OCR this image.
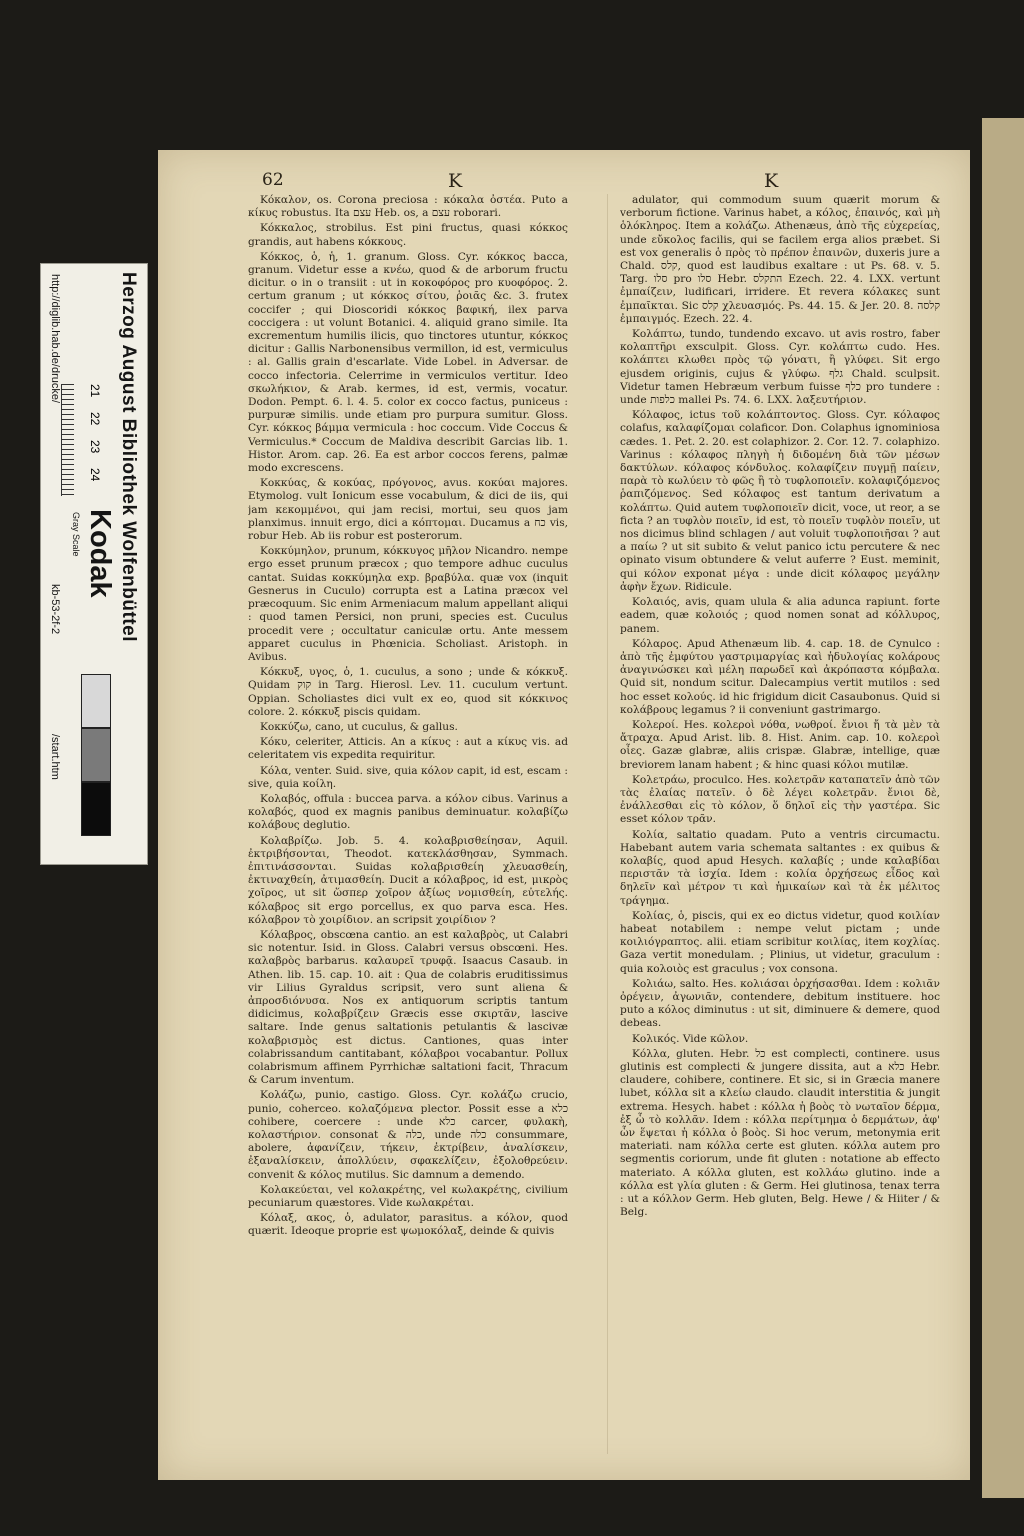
Herzog August Bibliothek Wolfenbüttel
http://diglib.hab.de/drucke/ 21
22
23
24
Kodak
Gray Scale
kb-53-2f-2
/start.htm
62	K	K

Κόκαλον, os. Corona preciosa : κόκαλα ὀστέα. Puto a κίκυς robustus. Ita עצם Heb. os, a עצם roborari.

Κόκκαλος, strobilus. Est pini fructus, quasi κόκκος grandis, aut habens κόκκους.

Κόκκος, ὁ, ἡ, 1. granum. Gloss. Cyr. κόκκος bacca, granum. Videtur esse a κνέω, quod & de arborum fructu dicitur. o in ο transiit : ut in κοκοφόρος pro κυοφόρος. 2. certum granum ; ut κόκκος σίτου, ῥοιᾶς &c. 3. frutex coccifer ; qui Dioscoridi κόκκος βαφική, ilex parva coccigera : ut volunt Botanici. 4. aliquid grano simile. Ita excrementum humilis ilicis, quo tinctores utuntur, κόκκος dicitur : Gallis Narbonensibus vermillon, id est, vermiculus : al. Gallis grain d'escarlate. Vide Lobel. in Adversar. de cocco infectoria. Celerrime in vermiculos vertitur. Ideo σκωλήκιον, & Arab. kermes, id est, vermis, vocatur. Dodon. Pempt. 6. l. 4. 5. color ex cocco factus, puniceus : purpuræ similis. unde etiam pro purpura sumitur. Gloss. Cyr. κόκκος βάμμα vermicula : hoc coccum. Vide Coccus & Vermiculus.* Coccum de Maldiva describit Garcias lib. 1. Histor. Arom. cap. 26. Ea est arbor coccos ferens, palmæ modo excrescens.

Κοκκύας, & κοκύας, πρόγονος, avus. κοκύαι majores. Etymolog. vult Ionicum esse vocabulum, & dici de iis, qui jam κεκομμένοι, qui jam recisi, mortui, seu quos jam planximus. innuit ergo, dici a κόπτομαι. Ducamus a כח vis, robur Heb. Ab iis robur est posterorum.

Κοκκύμηλον, prunum, κόκκυγος μῆλον Nicandro. nempe ergo esset prunum præcox ; quo tempore adhuc cuculus cantat. Suidas κοκκύμηλα exp. βραβύλα. quæ vox (inquit Gesnerus in Cuculo) corrupta est a Latina præcox vel præcoquum. Sic enim Armeniacum malum appellant aliqui : quod tamen Persici, non pruni, species est. Cuculus procedit vere ; occultatur caniculæ ortu. Ante messem apparet cuculus in Phœnicia. Scholiast. Aristoph. in Avibus.

Κόκκυξ, υγος, ὁ, 1. cuculus, a sono ; unde & κόκκυξ. Quidam קוק in Targ. Hierosl. Lev. 11. cuculum vertunt. Oppian. Scholiastes dici vult ex eo, quod sit κόκκινος colore. 2. κόκκυξ piscis quidam.

Κοκκύζω, cano, ut cuculus, & gallus.

Κόκυ, celeriter, Atticis. An a κίκυς : aut a κίκυς vis. ad celeritatem vis expedita requiritur.

Κόλα, venter. Suid. sive, quia κόλον capit, id est, escam : sive, quia κοίλη.

Κολαβός, offula : buccea parva. a κόλον cibus. Varinus a κολαβός, quod ex magnis panibus deminuatur. κολαβίζω κολάβους deglutio.

Κολαβρίζω. Job. 5. 4. κολαβρισθείησαν, Aquil. ἐκτριβήσονται, Theodot. κατεκλάσθησαν, Symmach. ἐπιτινάσσονται. Suidas κολαβρισθείη χλευασθείη, ἐκτιναχθείη, ἀτιμασθείη. Ducit a κόλαβρος, id est, μικρὸς χοῖρος, ut sit ὥσπερ χοῖρον ἀξίως νομισθείη, εὐτελής. κόλαβρος sit ergo porcellus, ex quo parva esca. Hes. κόλαβρον τὸ χοιρίδιον. an scripsit χοιρίδιον ?

Κόλαβρος, obscœna cantio. an est καλαβρὸς, ut Calabri sic notentur. Isid. in Gloss. Calabri versus obscœni. Hes. καλαβρὸς barbarus. καλαυρεῖ τρυφᾷ. Isaacus Casaub. in Athen. lib. 15. cap. 10. ait : Qua de colabris eruditissimus vir Lilius Gyraldus scripsit, vero sunt aliena & ἀπροσδιόνυσα. Nos ex antiquorum scriptis tantum didicimus, κολαβρίζειν Græcis esse σκιρτᾶν, lascive saltare. Inde genus saltationis petulantis & lascivæ κολαβρισμὸς est dictus. Cantiones, quas inter colabrissandum cantitabant, κόλαβροι vocabantur. Pollux colabrismum affinem Pyrrhichæ saltationi facit, Thracum & Carum inventum.

Κολάζω, punio, castigo. Gloss. Cyr. κολάζω crucio, punio, coherceo. κολαζόμενα plector. Possit esse a כלא cohibere, coercere : unde כלא carcer, φυλακὴ, κολαστήριον. consonat & כלה, unde כלה consummare, abolere, ἀφανίζειν, τήκειν, ἐκτρίβειν, ἀναλίσκειν, ἐξαναλίσκειν, ἀπολλύειν, σφακελίζειν, ἐξολοθρεύειν. convenit & κόλος mutilus. Sic damnum a demendo.

Κολακεύεται, vel κολακρέτης, vel κωλακρέτης, civilium pecuniarum quæstores. Vide κωλακρέται.

Κόλαξ, ακος, ὁ, adulator, parasitus. a κόλον, quod quærit. Ideoque proprie est ψωμοκόλαξ, deinde & quivis

adulator, qui commodum suum quærit morum & verborum fictione. Varinus habet, a κόλος, ἐπαινός, καὶ μὴ ὁλόκληρος. Item a κολάζω. Athenæus, ἀπὸ τῆς εὐχερείας, unde εὔκολος facilis, qui se facilem erga alios præbet. Si est vox generalis ὁ πρὸς τὸ πρέπον ἐπαινῶν, duxeris jure a Chald. קלס, quod est laudibus exaltare : ut Ps. 68. v. 5. Targ. סלו pro סלו Hebr. התקלס Ezech. 22. 4. LXX. vertunt ἐμπαίζειν, ludificari, irridere. Et revera κόλακες sunt ἐμπαῖκται. Sic קלס χλευασμός. Ps. 44. 15. & Jer. 20. 8. קלסה ἐμπαιγμός. Ezech. 22. 4.

Κολάπτω, tundo, tundendo excavo. ut avis rostro, faber κολαπτῆρι exsculpit. Gloss. Cyr. κολάπτω cudo. Hes. κολάπτει κλωθει πρὸς τῷ γόνατι, ἢ γλύφει. Sit ergo ejusdem originis, cujus & γλύφω. גלף Chald. sculpsit. Videtur tamen Hebræum verbum fuisse כלף pro tundere : unde כלפות mallei Ps. 74. 6. LXX. λαξευτήριον.

Κόλαφος, ictus τοῦ κολάπτοντος. Gloss. Cyr. κόλαφος colafus, καλαφίζομαι colaficor. Don. Colaphus ignominiosa cædes. 1. Pet. 2. 20. est colaphizor. 2. Cor. 12. 7. colaphizo. Varinus : κόλαφος πληγὴ ἡ διδομένη διὰ τῶν μέσων δακτύλων. κόλαφος κόνδυλος. κολαφίζειν πυγμῇ παίειν, παρὰ τὸ κωλύειν τὸ φῶς ἢ τὸ τυφλοποιεῖν. κολαφιζόμενος ῥαπιζόμενος. Sed κόλαφος est tantum derivatum a κολάπτω. Quid autem τυφλοποιεῖν dicit, voce, ut reor, a se ficta ? an τυφλὸν ποιεῖν, id est, τὸ ποιεῖν τυφλὸν ποιεῖν, ut nos dicimus blind schlagen / aut voluit τυφλοποιῆσαι ? aut a παίω ? ut sit subito & velut panico ictu percutere & nec opinato visum obtundere & velut auferre ? Eust. meminit, qui κόλον exponat μέγα : unde dicit κόλαφος μεγάλην ἀφὴν ἔχων. Ridicule.

Κολαιός, avis, quam ulula & alia adunca rapiunt. forte eadem, quæ κολοιός ; quod nomen sonat ad κόλλυρος, panem.

Κόλαρος. Apud Athenæum lib. 4. cap. 18. de Cynulco : ἀπὸ τῆς ἐμφύτου γαστριμαργίας καὶ ἡδυλογίας κολάρους ἀναγινώσκει καὶ μέλη παρωδεῖ καὶ ἀκρόπαστα κόμβαλα. Quid sit, nondum scitur. Dalecampius vertit mutilos : sed hoc esset κολούς. id hic frigidum dicit Casaubonus. Quid si κολάβρους legamus ? ii conveniunt gastrimargo.

Κολεροί. Hes. κολεροὶ νόθα, νωθροί. ἔνιοι ἤ τὰ μὲν τὰ ἄτραχα. Apud Arist. lib. 8. Hist. Anim. cap. 10. κολεροὶ οἶες. Gazæ glabræ, aliis crispæ. Glabræ, intellige, quæ breviorem lanam habent ; & hinc quasi κόλοι mutilæ.

Κολετράω, proculco. Hes. κολετρᾶν καταπατεῖν ἀπὸ τῶν τὰς ἐλαίας πατεῖν. ὁ δὲ λέγει κολετρᾶν. ἔνιοι δὲ, ἐνάλλεσθαι εἰς τὸ κόλον, ὅ δηλοῖ εἰς τὴν γαστέρα. Sic esset κόλον τρᾶν.

Κολία, saltatio quadam. Puto a ventris circumactu. Habebant autem varia schemata saltantes : ex quibus & κολαβίς, quod apud Hesych. καλαβίς ; unde καλαβίδαι περιστᾶν τὰ ἰσχία. Idem : κολία ὀρχήσεως εἶδος καὶ δηλεῖν καὶ μέτρον τι καὶ ἡμικαίων καὶ τὰ ἐκ μέλιτος τράγημα.

Κολίας, ὁ, piscis, qui ex eo dictus videtur, quod κοιλίαν habeat notabilem : nempe velut pictam ; unde κοιλιόγραπτος. alii. etiam scribitur κοιλίας, item κοχλίας. Gaza vertit monedulam. ; Plinius, ut videtur, graculum : quia κολοιὸς est graculus ; vox consona.

Κολιάω, salto. Hes. κολιάσαι ὀρχήσασθαι. Idem : κολιᾶν ὀρέγειν, ἀγωνιᾶν, contendere, debitum instituere. hoc puto a κόλος diminutus : ut sit, diminuere & demere, quod debeas.

Κολικός. Vide κῶλον.

Κόλλα, gluten. Hebr. כל est complecti, continere. usus glutinis est complecti & jungere dissita, aut a כלא Hebr. claudere, cohibere, continere. Et sic, si in Græcia manere lubet, κόλλα sit a κλείω claudo. claudit interstitia & jungit extrema. Hesych. habet : κόλλα ἡ βοὸς τὸ νωταῖον δέρμα, ἐξ ὧ τὸ κολλᾶν. Idem : κόλλα περίτμημα ὁ δερμάτων, ἀφ' ὧν ἕψεται ἡ κόλλα ὁ βοὸς. Si hoc verum, metonymia erit materiati. nam κόλλα certe est gluten. κόλλα autem pro segmentis coriorum, unde fit gluten : notatione ab effecto materiato. A κόλλα gluten, est κολλάω glutino. inde a κόλλα est γλία gluten : & Germ. Hei glutinosa, tenax terra : ut a κόλλον Germ. Heb gluten, Belg. Hewe / & Hiiter / & Belg.
